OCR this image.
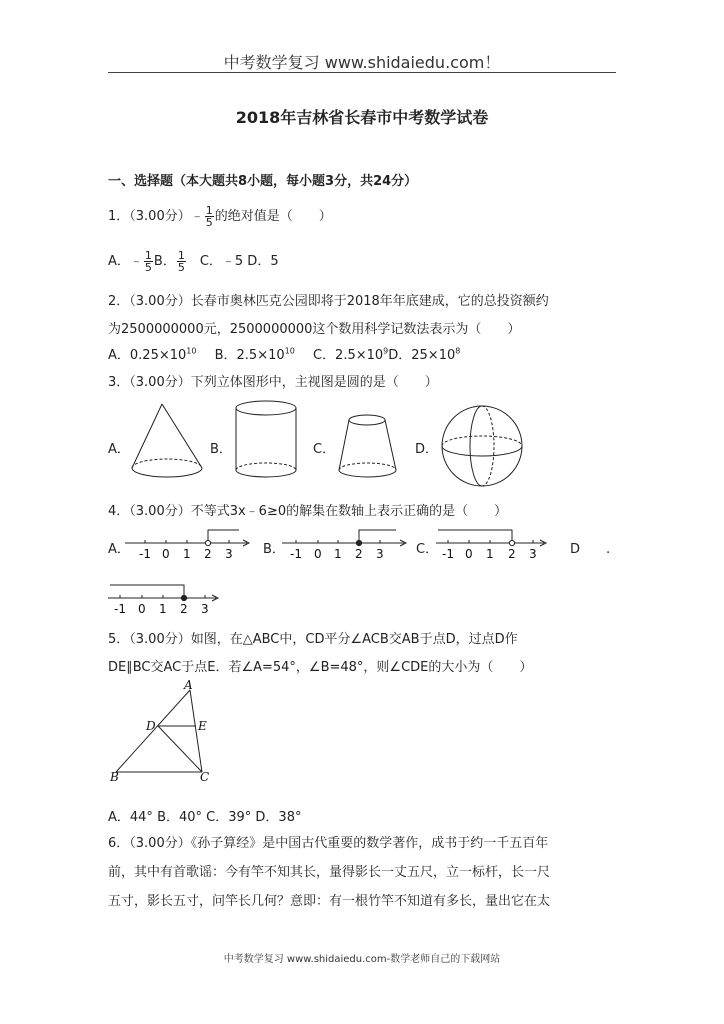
中考数学复习 www.shidaiedu.com！
2018年吉林省长春市中考数学试卷
一、选择题（本大题共8小题，每小题3分，共24分）
1．（3.00分）﹣ $\frac{1}{5}$ 的绝对值是（　　）
A．﹣ $\frac{1}{5}$ B． $\frac{1}{5}$ C．﹣5 D．5
2．（3.00分）长春市奥林匹克公园即将于2018年年底建成，它的总投资额约
为2500000000元，2500000000这个数用科学记数法表示为（　　）
A．$0.25\times 10^{10}$ B．$2.5\times 10^{10}$ C．$2.5\times 10^9D$．$25\times 10^8$
3．（3.00分）下列立体图形中，主视图是圆的是（　　）
A．	B．	C．	D．
4．（3.00分）不等式3x﹣6≥0的解集在数轴上表示正确的是（　　）
A．	B．	C．	D　　.
-1 0 1 2 3	-1 0 1 2 3	-1 0 1 2 3
-1 0 1 2 3
5．（3.00分）如图，在△ABC中，CD平分∠ACB交AB于点D，过点D作
DE∥BC交AC于点E．若∠A=54°，∠B=48°，则∠CDE的大小为（　　）
A
D	E
B	C
A．44° B．40° C．39° D．38°
6．（3.00分）《孙子算经》是中国古代重要的数学著作，成书于约一千五百年
前，其中有首歌谣：今有竿不知其长，量得影长一丈五尺，立一标杆，长一尺
五寸，影长五寸，问竿长几何？意即：有一根竹竿不知道有多长，量出它在太
中考数学复习 www.shidaiedu.com-数学老师自己的下载网站
